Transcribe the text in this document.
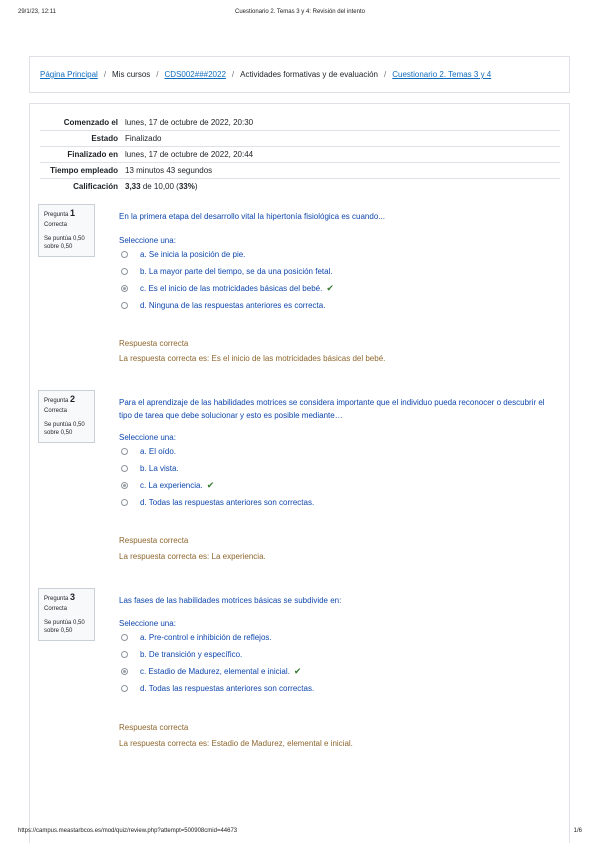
29/1/23, 12:11	Cuestionario 2. Temas 3 y 4: Revisión del intento
Página Principal / Mis cursos / CDS002###2022 / Actividades formativas y de evaluación / Cuestionario 2. Temas 3 y 4
Comenzado el lunes, 17 de octubre de 2022, 20:30
Estado Finalizado
Finalizado en lunes, 17 de octubre de 2022, 20:44
Tiempo empleado 13 minutos 43 segundos
Calificación 3,33 de 10,00 (33%)
Pregunta 1
Correcta
Se puntúa 0,50 sobre 0,50
En la primera etapa del desarrollo vital la hipertonía fisiológica es cuando...
Seleccione una:
a. Se inicia la posición de pie.
b. La mayor parte del tiempo, se da una posición fetal.
c. Es el inicio de las motricidades básicas del bebé. ✔
d. Ninguna de las respuestas anteriores es correcta.
Respuesta correcta
La respuesta correcta es: Es el inicio de las motricidades básicas del bebé.
Pregunta 2
Correcta
Se puntúa 0,50 sobre 0,50
Para el aprendizaje de las habilidades motrices se considera importante que el individuo pueda reconocer o descubrir el tipo de tarea que debe solucionar y esto es posible mediante…
Seleccione una:
a. El oído.
b. La vista.
c. La experiencia. ✔
d. Todas las respuestas anteriores son correctas.
Respuesta correcta
La respuesta correcta es: La experiencia.
Pregunta 3
Correcta
Se puntúa 0,50 sobre 0,50
Las fases de las habilidades motrices básicas se subdivide en:
Seleccione una:
a. Pre-control e inhibición de reflejos.
b. De transición y específico.
c. Estadio de Madurez, elemental e inicial. ✔
d. Todas las respuestas anteriores son correctas.
Respuesta correcta
La respuesta correcta es: Estadio de Madurez, elemental e inicial.
https://campus.meastarbcos.es/mod/quiz/review.php?attempt=500908cmid=44673	1/6
